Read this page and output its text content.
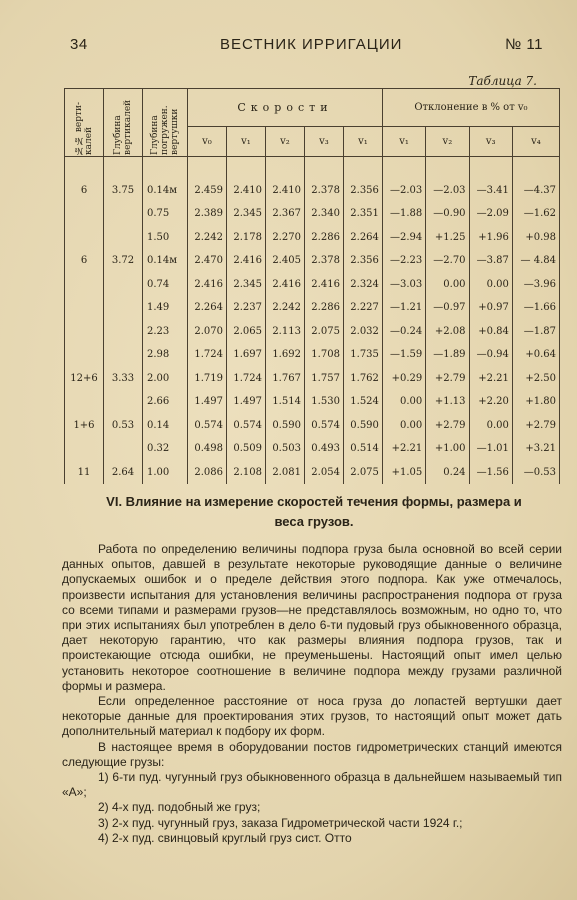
34	ВЕСТНИК ИРРИГАЦИИ	№ 11
Таблица 7.
№№ верти-калей	Глубина вертикалей	Глубина погружен. вертушки	Скорости					Отклонение в % от v₀			
			v₀	v₁	v₂	v₃	v₁	v₁	v₂	v₃	v₄

6	3.75	0.14м	2.459	2.410	2.410	2.378	2.356	—2.03	—2.03	—3.41	—4.37
		0.75	2.389	2.345	2.367	2.340	2.351	—1.88	—0.90	—2.09	—1.62
		1.50	2.242	2.178	2.270	2.286	2.264	—2.94	+1.25	+1.96	+0.98
6	3.72	0.14м	2.470	2.416	2.405	2.378	2.356	—2.23	—2.70	—3.87	— 4.84
		0.74	2.416	2.345	2.416	2.416	2.324	—3.03	0.00	0.00	—3.96
		1.49	2.264	2.237	2.242	2.286	2.227	—1.21	—0.97	+0.97	—1.66
		2.23	2.070	2.065	2.113	2.075	2.032	—0.24	+2.08	+0.84	—1.87
		2.98	1.724	1.697	1.692	1.708	1.735	—1.59	—1.89	—0.94	+0.64
12+6	3.33	2.00	1.719	1.724	1.767	1.757	1.762	+0.29	+2.79	+2.21	+2.50
		2.66	1.497	1.497	1.514	1.530	1.524	0.00	+1.13	+2.20	+1.80
1+6	0.53	0.14	0.574	0.574	0.590	0.574	0.590	0.00	+2.79	0.00	+2.79
		0.32	0.498	0.509	0.503	0.493	0.514	+2.21	+1.00	—1.01	+3.21
11	2.64	1.00	2.086	2.108	2.081	2.054	2.075	+1.05	0.24	—1.56	—0.53
VI. Влияние на измерение скоростей течения формы, размера и
веса грузов.

Работа по определению величины подпора груза была основной во всей серии данных опытов, давшей в результате некоторые руководящие данные о величине допускаемых ошибок и о пределе действия этого подпора. Как уже отмечалось, произвести испытания для установления величины распространения подпора от груза со всеми типами и размерами грузов—не представлялось возможным, но одно то, что при этих испытаниях был употреблен в дело 6-ти пудовый груз обыкновенного образца, дает некоторую гарантию, что как размеры влияния подпора грузов, так и проистекающие отсюда ошибки, не преуменьшены. Настоящий опыт имел целью установить некоторое соотношение в величине подпора между грузами различной формы и размера.

Если определенное расстояние от носа груза до лопастей вертушки дает некоторые данные для проектирования этих грузов, то настоящий опыт может дать дополнительный материал к подбору их форм.

В настоящее время в оборудовании постов гидрометрических станций имеются следующие грузы:

1) 6-ти пуд. чугунный груз обыкновенного образца в дальнейшем называемый тип «А»;

2) 4-х пуд. подобный же груз;

3) 2-х пуд. чугунный груз, заказа Гидрометрической части 1924 г.;

4) 2-х пуд. свинцовый круглый груз сист. Отто
